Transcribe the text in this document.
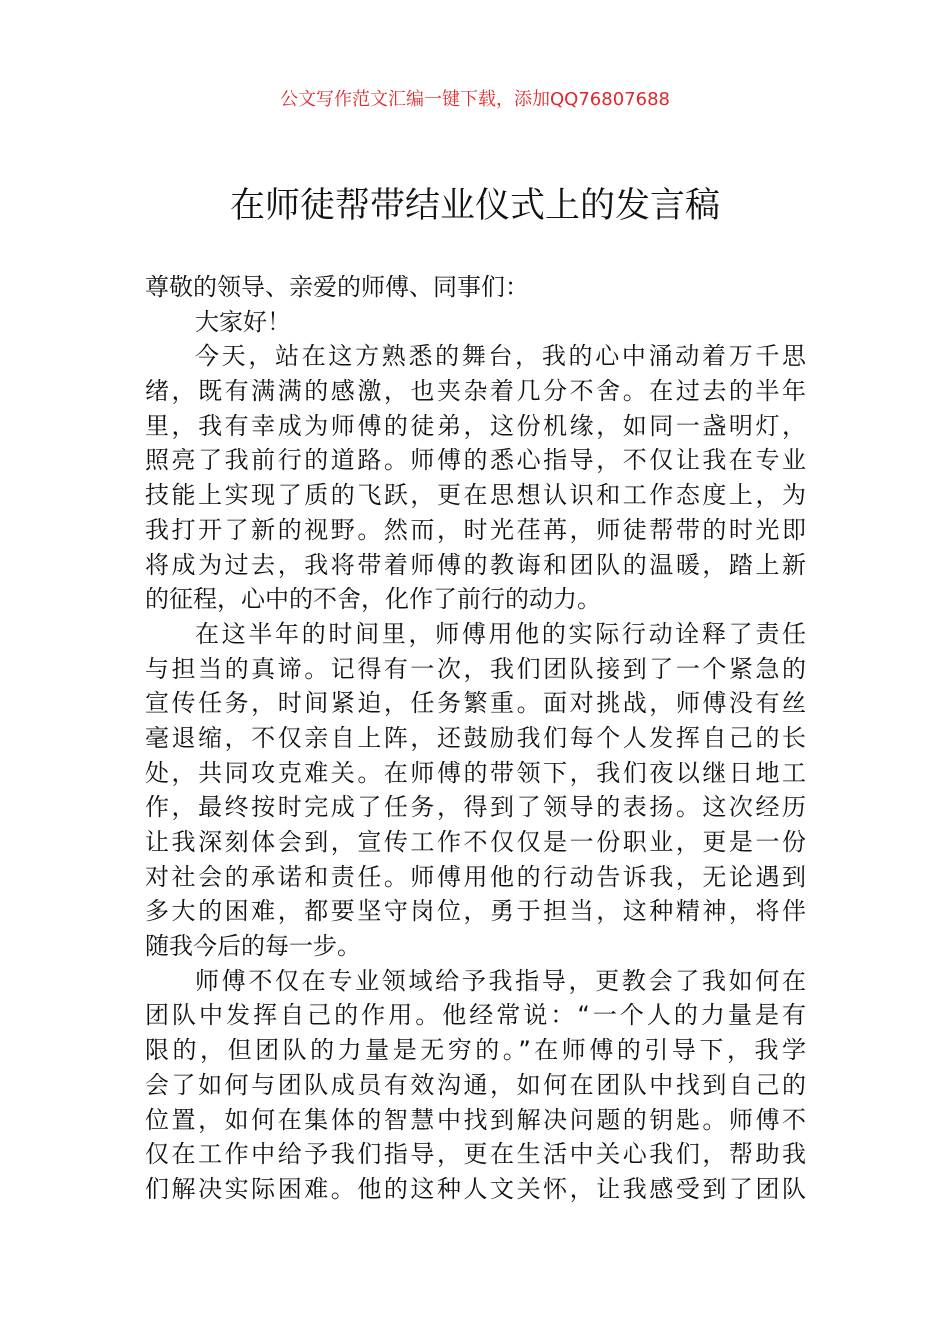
公文写作范文汇编一键下载，添加QQ76807688
在师徒帮带结业仪式上的发言稿
尊敬的领导、亲爱的师傅、同事们：
大家好！
今天，站在这方熟悉的舞台，我的心中涌动着万千思
绪，既有满满的感激，也夹杂着几分不舍。在过去的半年
里，我有幸成为师傅的徒弟，这份机缘，如同一盏明灯，
照亮了我前行的道路。师傅的悉心指导，不仅让我在专业
技能上实现了质的飞跃，更在思想认识和工作态度上，为
我打开了新的视野。然而，时光荏苒，师徒帮带的时光即
将成为过去，我将带着师傅的教诲和团队的温暖，踏上新
的征程，心中的不舍，化作了前行的动力。
在这半年的时间里，师傅用他的实际行动诠释了责任
与担当的真谛。记得有一次，我们团队接到了一个紧急的
宣传任务，时间紧迫，任务繁重。面对挑战，师傅没有丝
毫退缩，不仅亲自上阵，还鼓励我们每个人发挥自己的长
处，共同攻克难关。在师傅的带领下，我们夜以继日地工
作，最终按时完成了任务，得到了领导的表扬。这次经历
让我深刻体会到，宣传工作不仅仅是一份职业，更是一份
对社会的承诺和责任。师傅用他的行动告诉我，无论遇到
多大的困难，都要坚守岗位，勇于担当，这种精神，将伴
随我今后的每一步。
师傅不仅在专业领域给予我指导，更教会了我如何在
团队中发挥自己的作用。他经常说：“一个人的力量是有
限的，但团队的力量是无穷的。”在师傅的引导下，我学
会了如何与团队成员有效沟通，如何在团队中找到自己的
位置，如何在集体的智慧中找到解决问题的钥匙。师傅不
仅在工作中给予我们指导，更在生活中关心我们，帮助我
们解决实际困难。他的这种人文关怀，让我感受到了团队
